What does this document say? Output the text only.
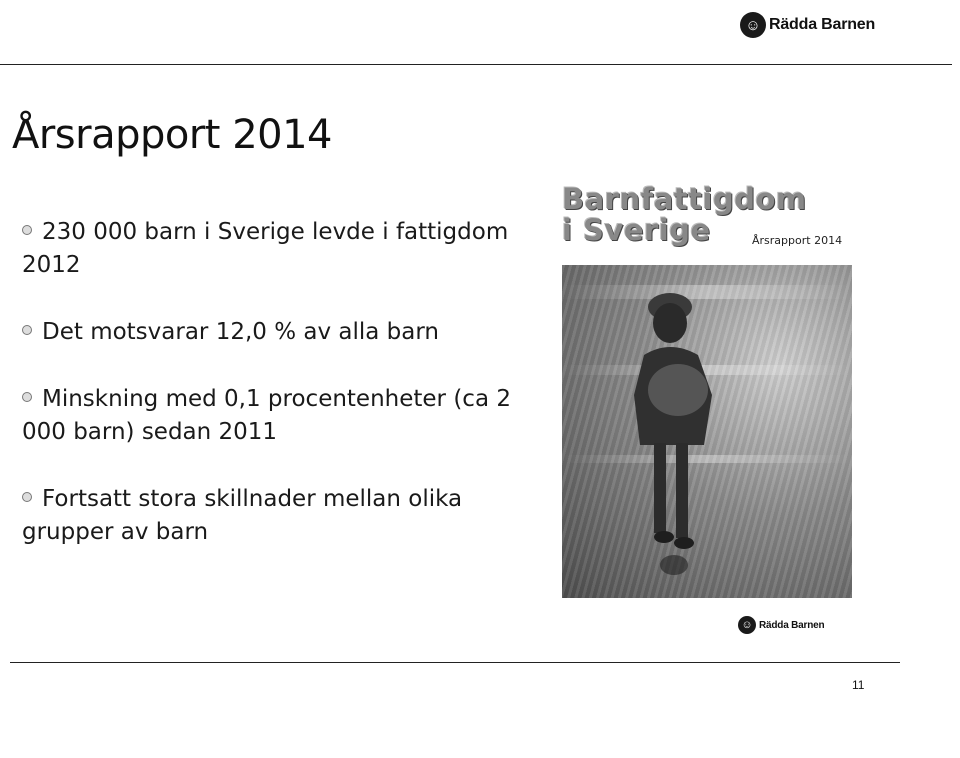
☺ Rädda Barnen
Årsrapport 2014
230 000 barn i Sverige levde i fattigdom 2012
Det motsvarar 12,0 % av alla barn
Minskning med 0,1 procentenheter (ca 2 000 barn) sedan 2011
Fortsatt stora skillnader mellan olika grupper av barn
Barnfattigdom
i Sverige	Årsrapport 2014
☺ Rädda Barnen
11
